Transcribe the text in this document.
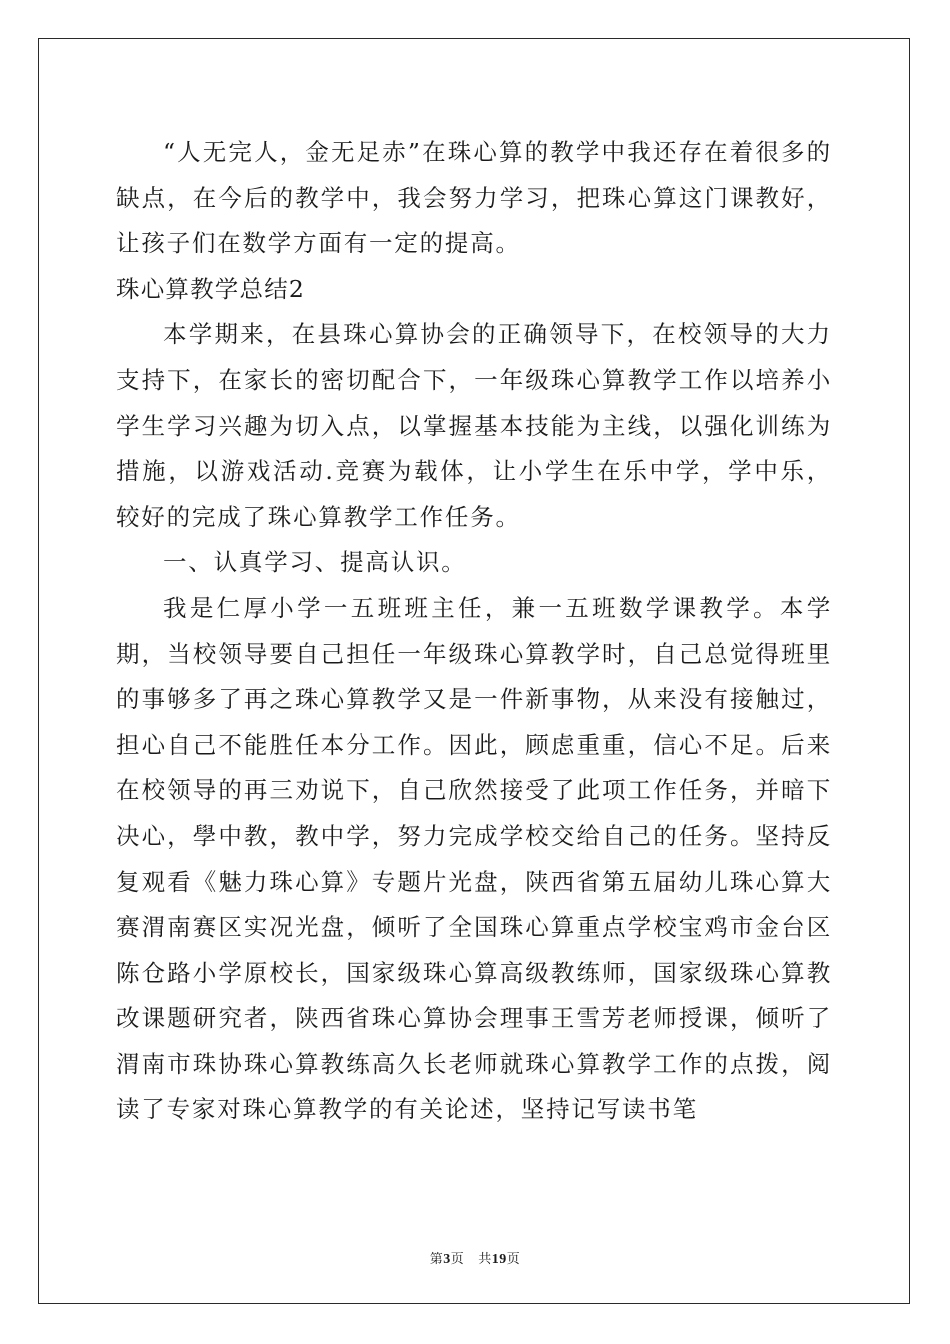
“人无完人，金无足赤”在珠心算的教学中我还存在着很多的缺点，在今后的教学中，我会努力学习，把珠心算这门课教好，让孩子们在数学方面有一定的提高。

珠心算教学总结2

本学期来，在县珠心算协会的正确领导下，在校领导的大力支持下，在家长的密切配合下，一年级珠心算教学工作以培养小学生学习兴趣为切入点，以掌握基本技能为主线，以强化训练为措施，以游戏活动.竞赛为载体，让小学生在乐中学，学中乐，较好的完成了珠心算教学工作任务。

一、认真学习、提高认识。

我是仁厚小学一五班班主任，兼一五班数学课教学。本学期，当校领导要自己担任一年级珠心算教学时，自己总觉得班里的事够多了再之珠心算教学又是一件新事物，从来没有接触过，担心自己不能胜任本分工作。因此，顾虑重重，信心不足。后来在校领导的再三劝说下，自己欣然接受了此项工作任务，并暗下决心，學中教，教中学，努力完成学校交给自己的任务。坚持反复观看《魅力珠心算》专题片光盘，陕西省第五届幼儿珠心算大赛渭南赛区实况光盘，倾听了全国珠心算重点学校宝鸡市金台区陈仓路小学原校长，国家级珠心算高级教练师，国家级珠心算教改课题研究者，陕西省珠心算协会理事王雪芳老师授课，倾听了渭南市珠协珠心算教练高久长老师就珠心算教学工作的点拨，阅读了专家对珠心算教学的有关论述，坚持记写读书笔

第3页 共19页
